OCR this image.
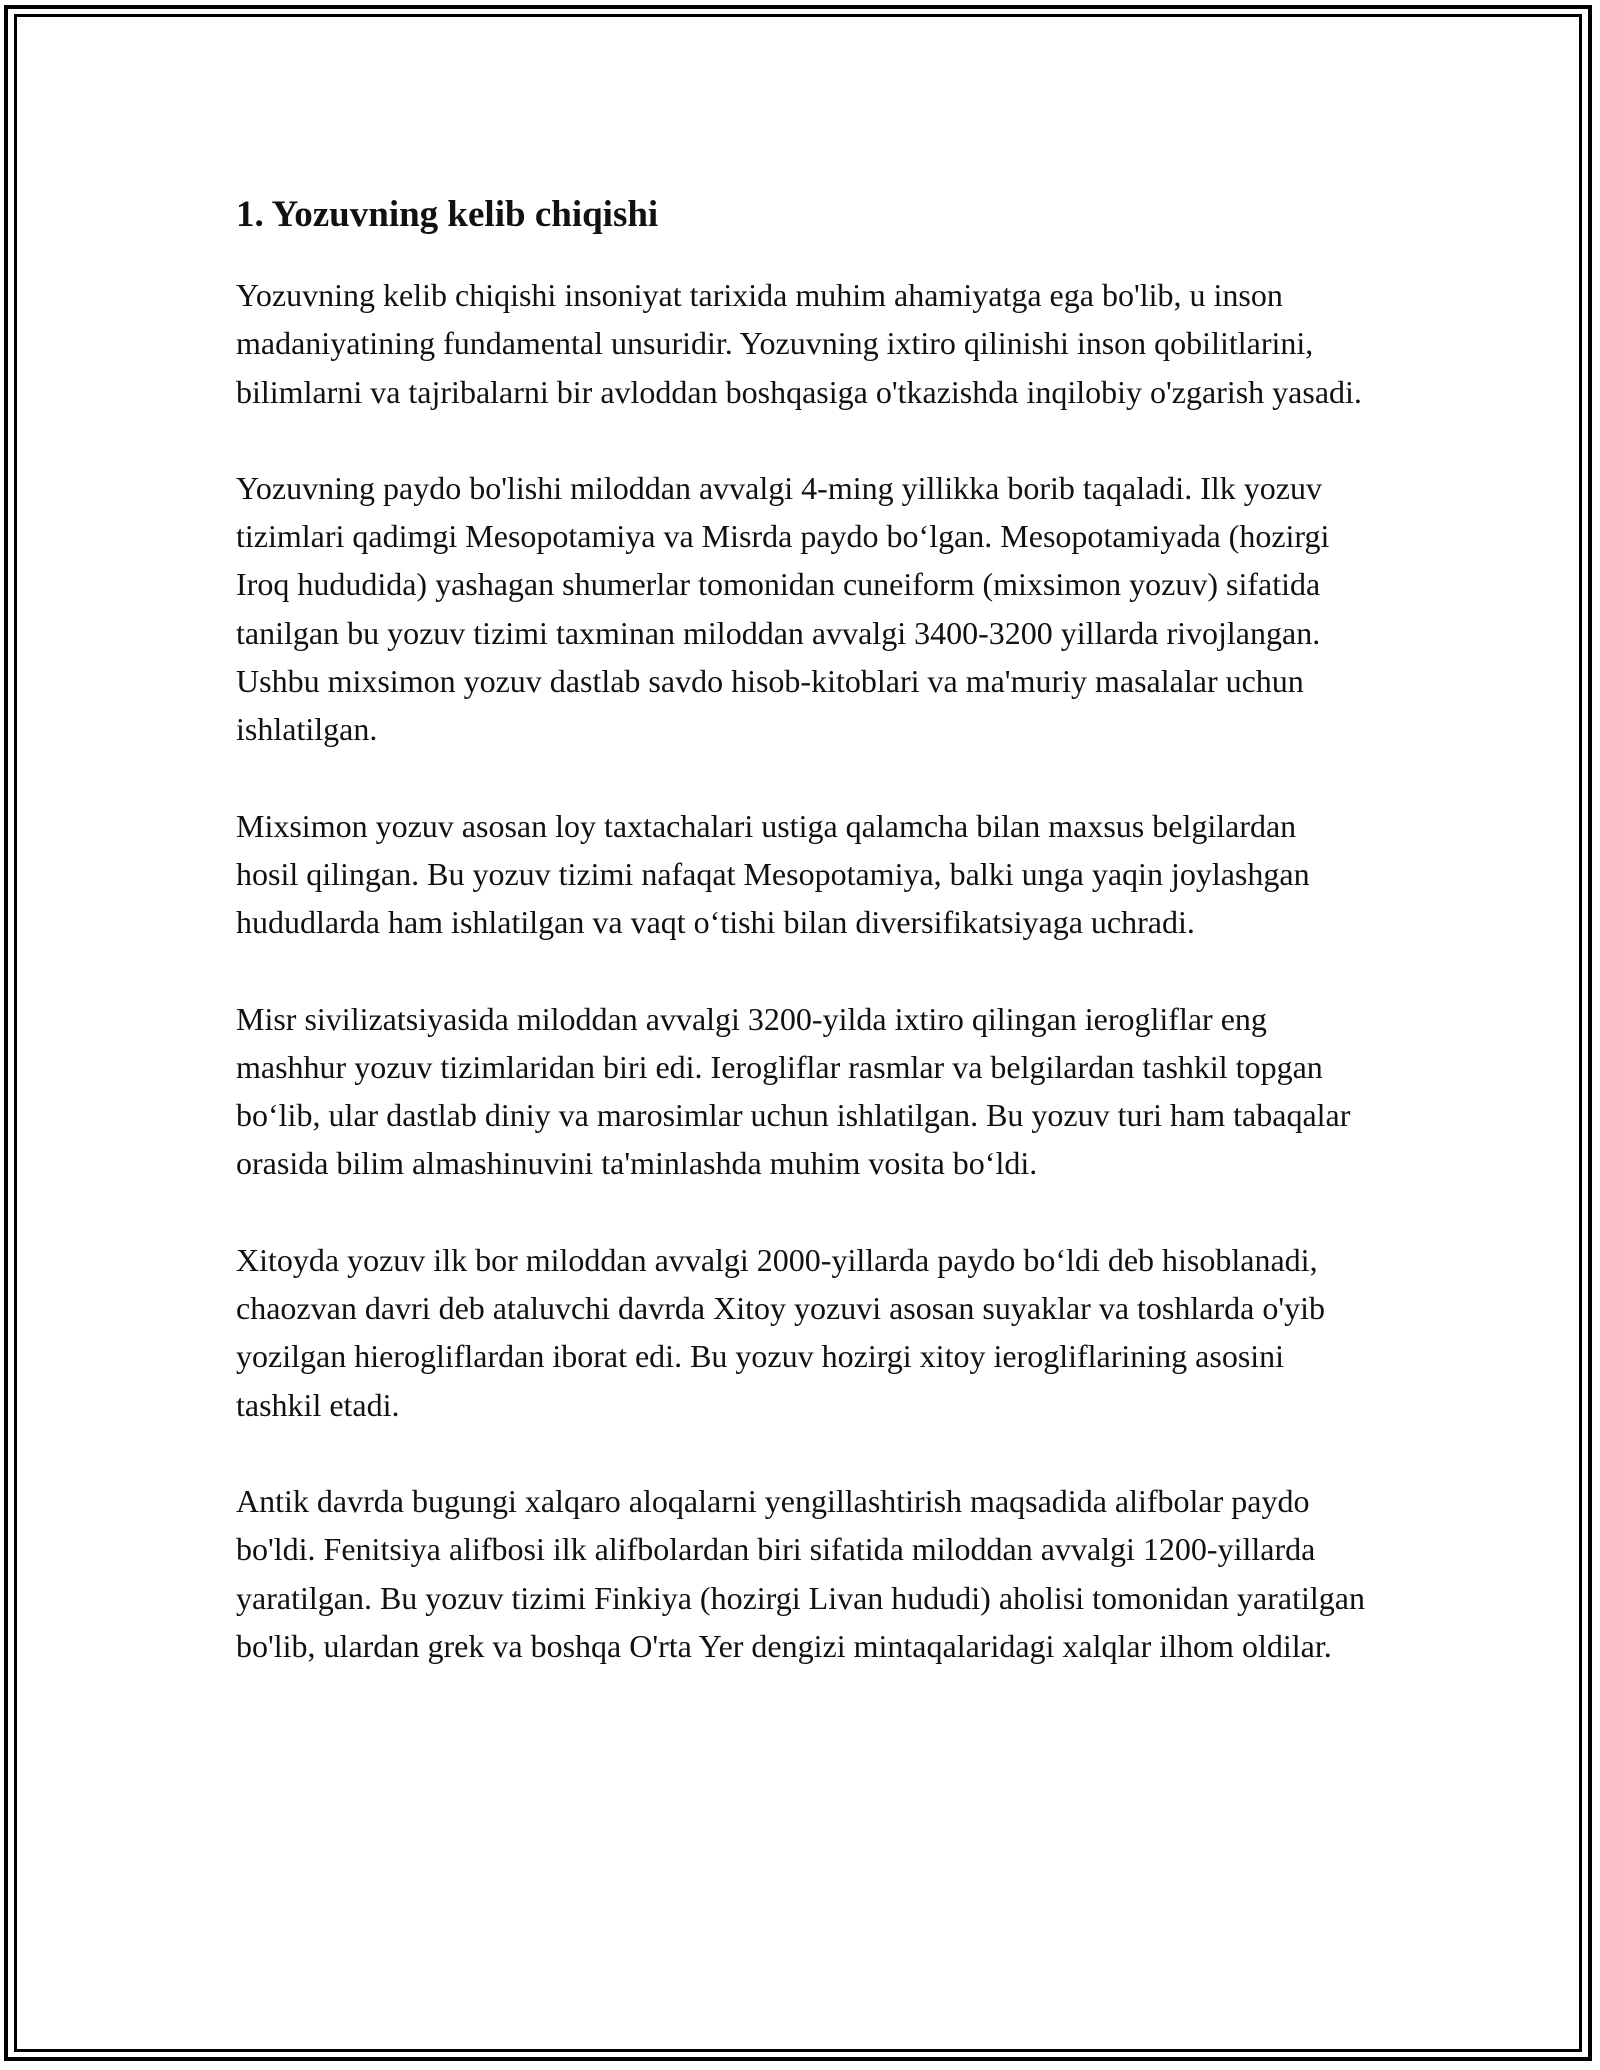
1. Yozuvning kelib chiqishi

Yozuvning kelib chiqishi insoniyat tarixida muhim ahamiyatga ega bo'lib, u inson madaniyatining fundamental unsuridir. Yozuvning ixtiro qilinishi inson qobilitlarini, bilimlarni va tajribalarni bir avloddan boshqasiga o'tkazishda inqilobiy o'zgarish yasadi.

Yozuvning paydo bo'lishi miloddan avvalgi 4-ming yillikka borib taqaladi. Ilk yozuv tizimlari qadimgi Mesopotamiya va Misrda paydo bo‘lgan. Mesopotamiyada (hozirgi Iroq hududida) yashagan shumerlar tomonidan cuneiform (mixsimon yozuv) sifatida tanilgan bu yozuv tizimi taxminan miloddan avvalgi 3400-3200 yillarda rivojlangan. Ushbu mixsimon yozuv dastlab savdo hisob-kitoblari va ma'muriy masalalar uchun ishlatilgan.

Mixsimon yozuv asosan loy taxtachalari ustiga qalamcha bilan maxsus belgilardan hosil qilingan. Bu yozuv tizimi nafaqat Mesopotamiya, balki unga yaqin joylashgan hududlarda ham ishlatilgan va vaqt o‘tishi bilan diversifikatsiyaga uchradi.

Misr sivilizatsiyasida miloddan avvalgi 3200-yilda ixtiro qilingan ierogliflar eng mashhur yozuv tizimlaridan biri edi. Ierogliflar rasmlar va belgilardan tashkil topgan bo‘lib, ular dastlab diniy va marosimlar uchun ishlatilgan. Bu yozuv turi ham tabaqalar orasida bilim almashinuvini ta'minlashda muhim vosita bo‘ldi.

Xitoyda yozuv ilk bor miloddan avvalgi 2000-yillarda paydo bo‘ldi deb hisoblanadi, chaozvan davri deb ataluvchi davrda Xitoy yozuvi asosan suyaklar va toshlarda o'yib yozilgan hierogliflardan iborat edi. Bu yozuv hozirgi xitoy ierogliflarining asosini tashkil etadi.

Antik davrda bugungi xalqaro aloqalarni yengillashtirish maqsadida alifbolar paydo bo'ldi. Fenitsiya alifbosi ilk alifbolardan biri sifatida miloddan avvalgi 1200-yillarda yaratilgan. Bu yozuv tizimi Finkiya (hozirgi Livan hududi) aholisi tomonidan yaratilgan bo'lib, ulardan grek va boshqa O'rta Yer dengizi mintaqalaridagi xalqlar ilhom oldilar.
